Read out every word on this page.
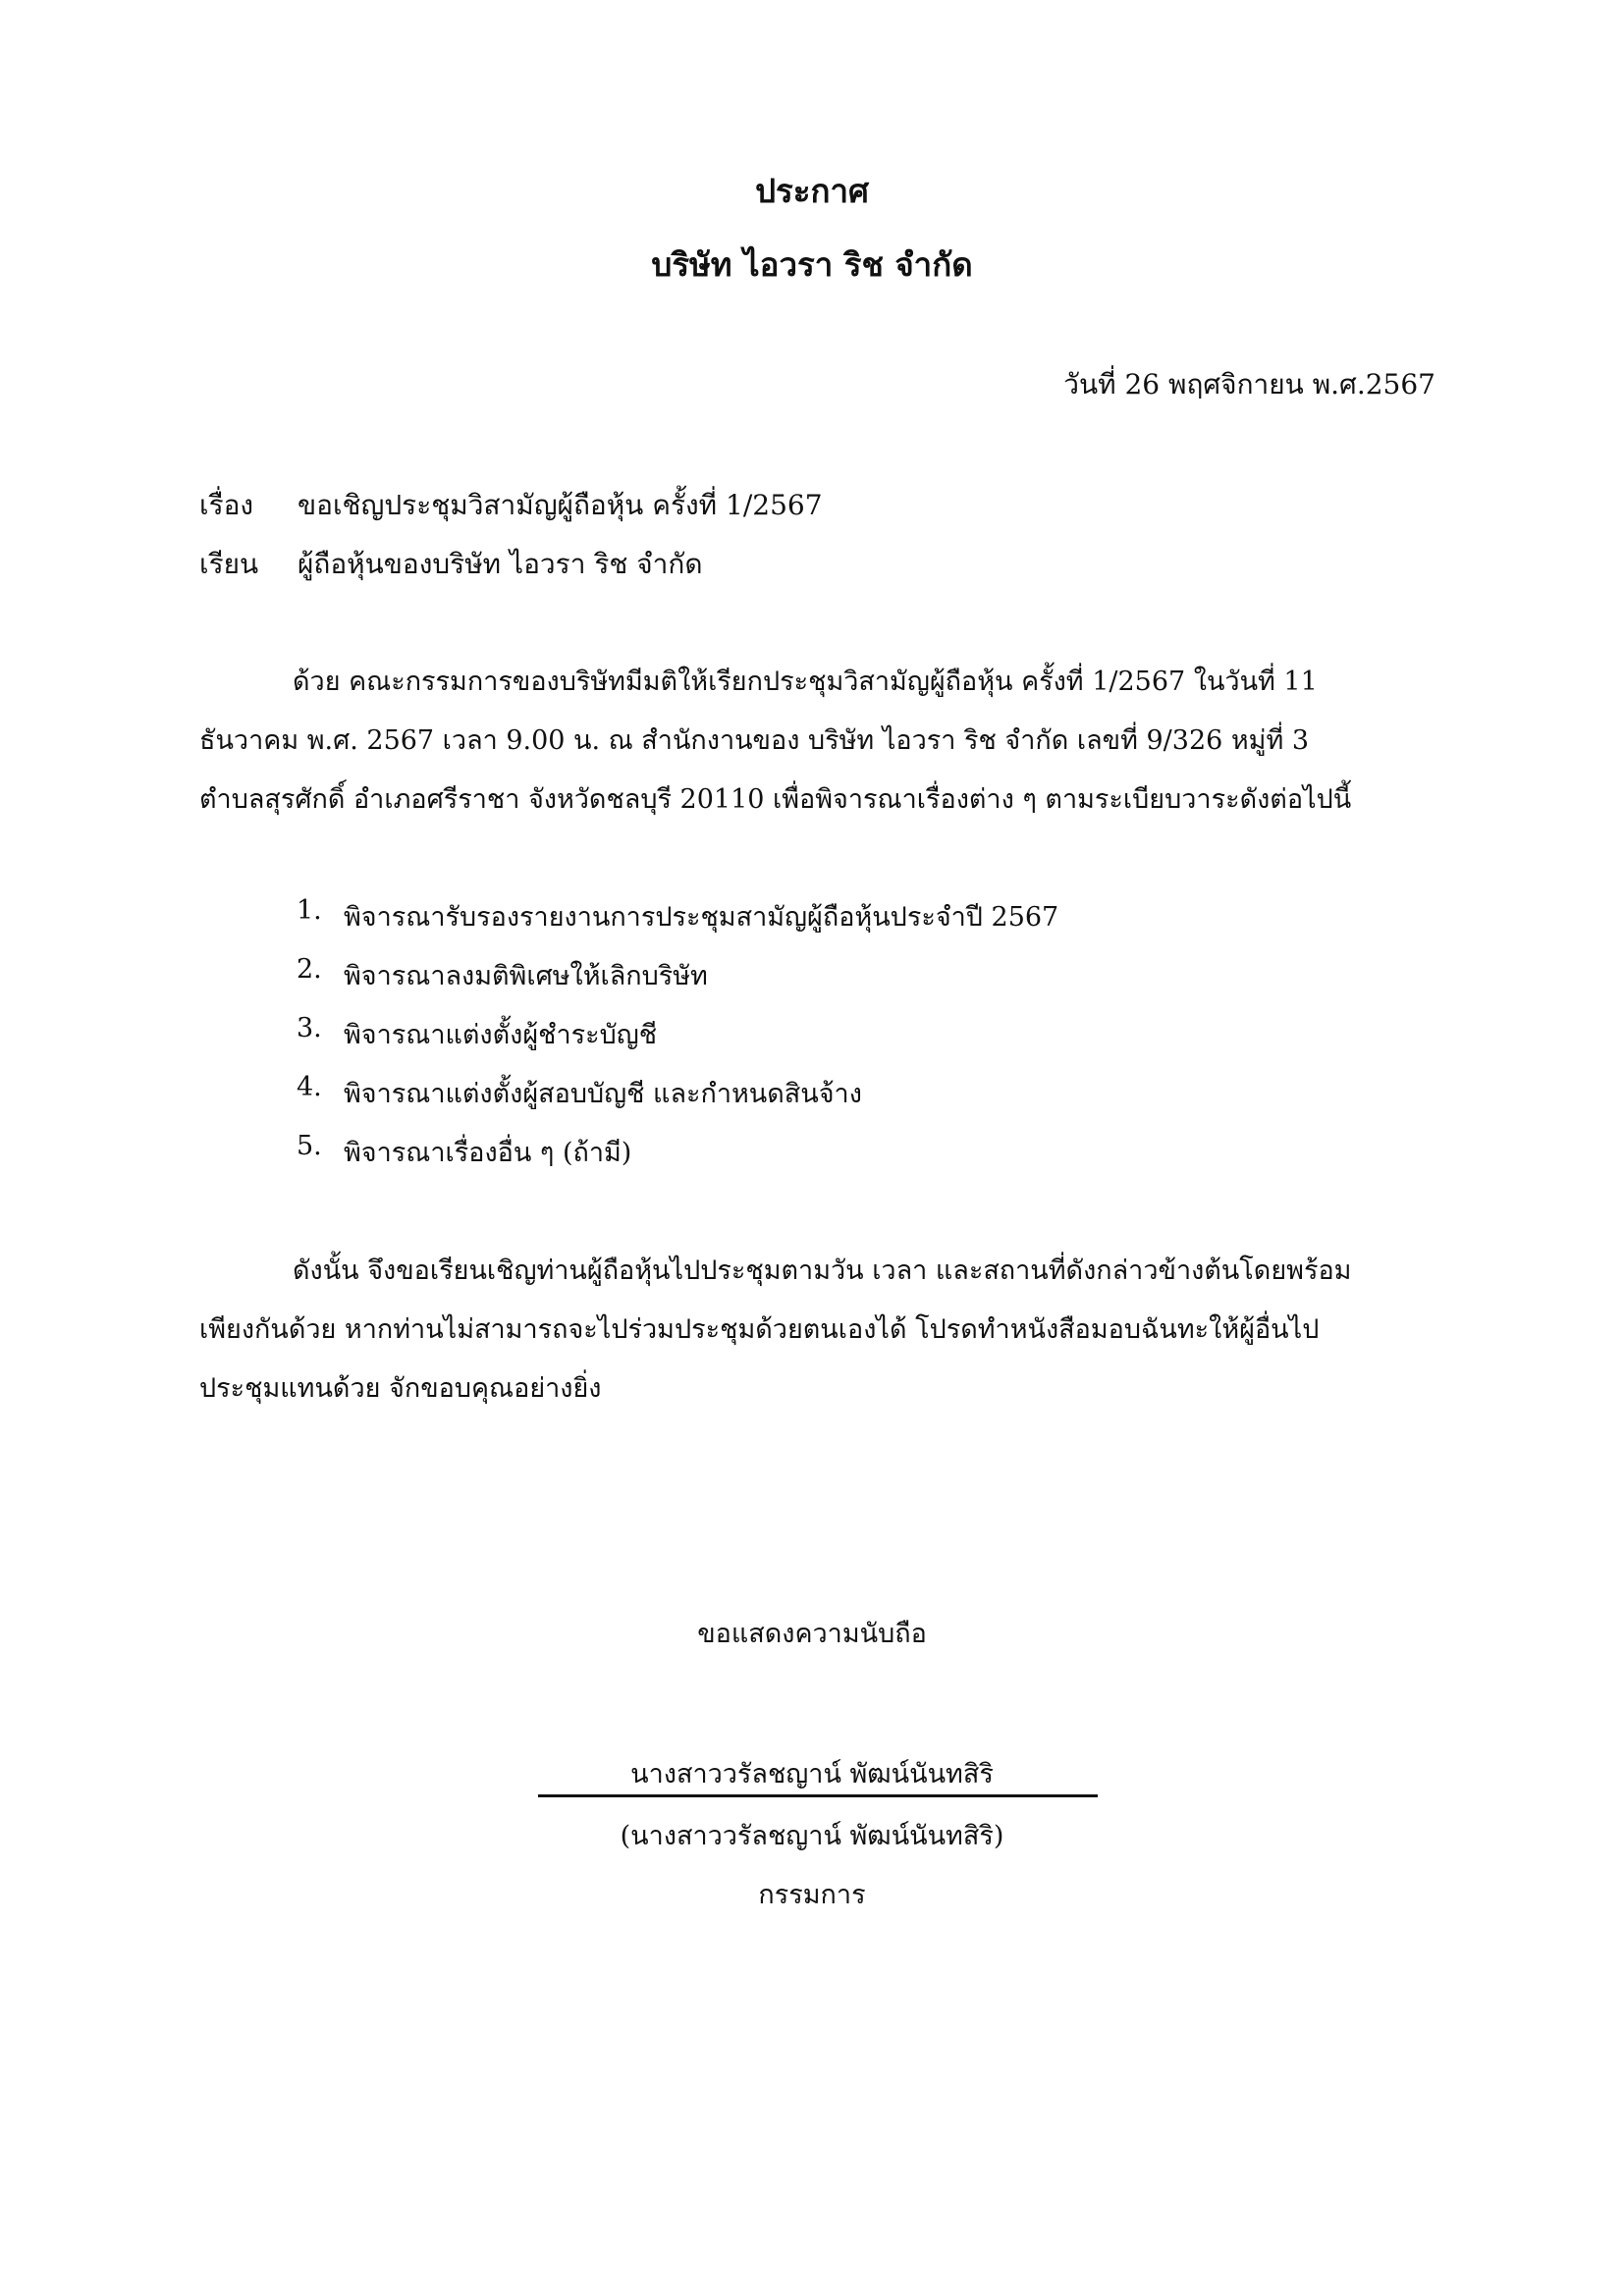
ประกาศ
บริษัท ไอวรา ริช จำกัด
วันที่ 26 พฤศจิกายน พ.ศ.2567
เรื่อง ขอเชิญประชุมวิสามัญผู้ถือหุ้น ครั้งที่ 1/2567
เรียน ผู้ถือหุ้นของบริษัท ไอวรา ริช จำกัด
ด้วย คณะกรรมการของบริษัทมีมติให้เรียกประชุมวิสามัญผู้ถือหุ้น ครั้งที่ 1/2567 ในวันที่ 11
ธันวาคม พ.ศ. 2567 เวลา 9.00 น. ณ สำนักงานของ บริษัท ไอวรา ริช จำกัด เลขที่ 9/326 หมู่ที่ 3
ตำบลสุรศักดิ์ อำเภอศรีราชา จังหวัดชลบุรี 20110 เพื่อพิจารณาเรื่องต่าง ๆ ตามระเบียบวาระดังต่อไปนี้
1. พิจารณารับรองรายงานการประชุมสามัญผู้ถือหุ้นประจำปี 2567
2. พิจารณาลงมติพิเศษให้เลิกบริษัท
3. พิจารณาแต่งตั้งผู้ชำระบัญชี
4. พิจารณาแต่งตั้งผู้สอบบัญชี และกำหนดสินจ้าง
5. พิจารณาเรื่องอื่น ๆ (ถ้ามี)
ดังนั้น จึงขอเรียนเชิญท่านผู้ถือหุ้นไปประชุมตามวัน เวลา และสถานที่ดังกล่าวข้างต้นโดยพร้อม
เพียงกันด้วย หากท่านไม่สามารถจะไปร่วมประชุมด้วยตนเองได้ โปรดทำหนังสือมอบฉันทะให้ผู้อื่นไป
ประชุมแทนด้วย จักขอบคุณอย่างยิ่ง
ขอแสดงความนับถือ
นางสาววรัลชญาน์ พัฒน์นันทสิริ
(นางสาววรัลชญาน์ พัฒน์นันทสิริ)
กรรมการ
